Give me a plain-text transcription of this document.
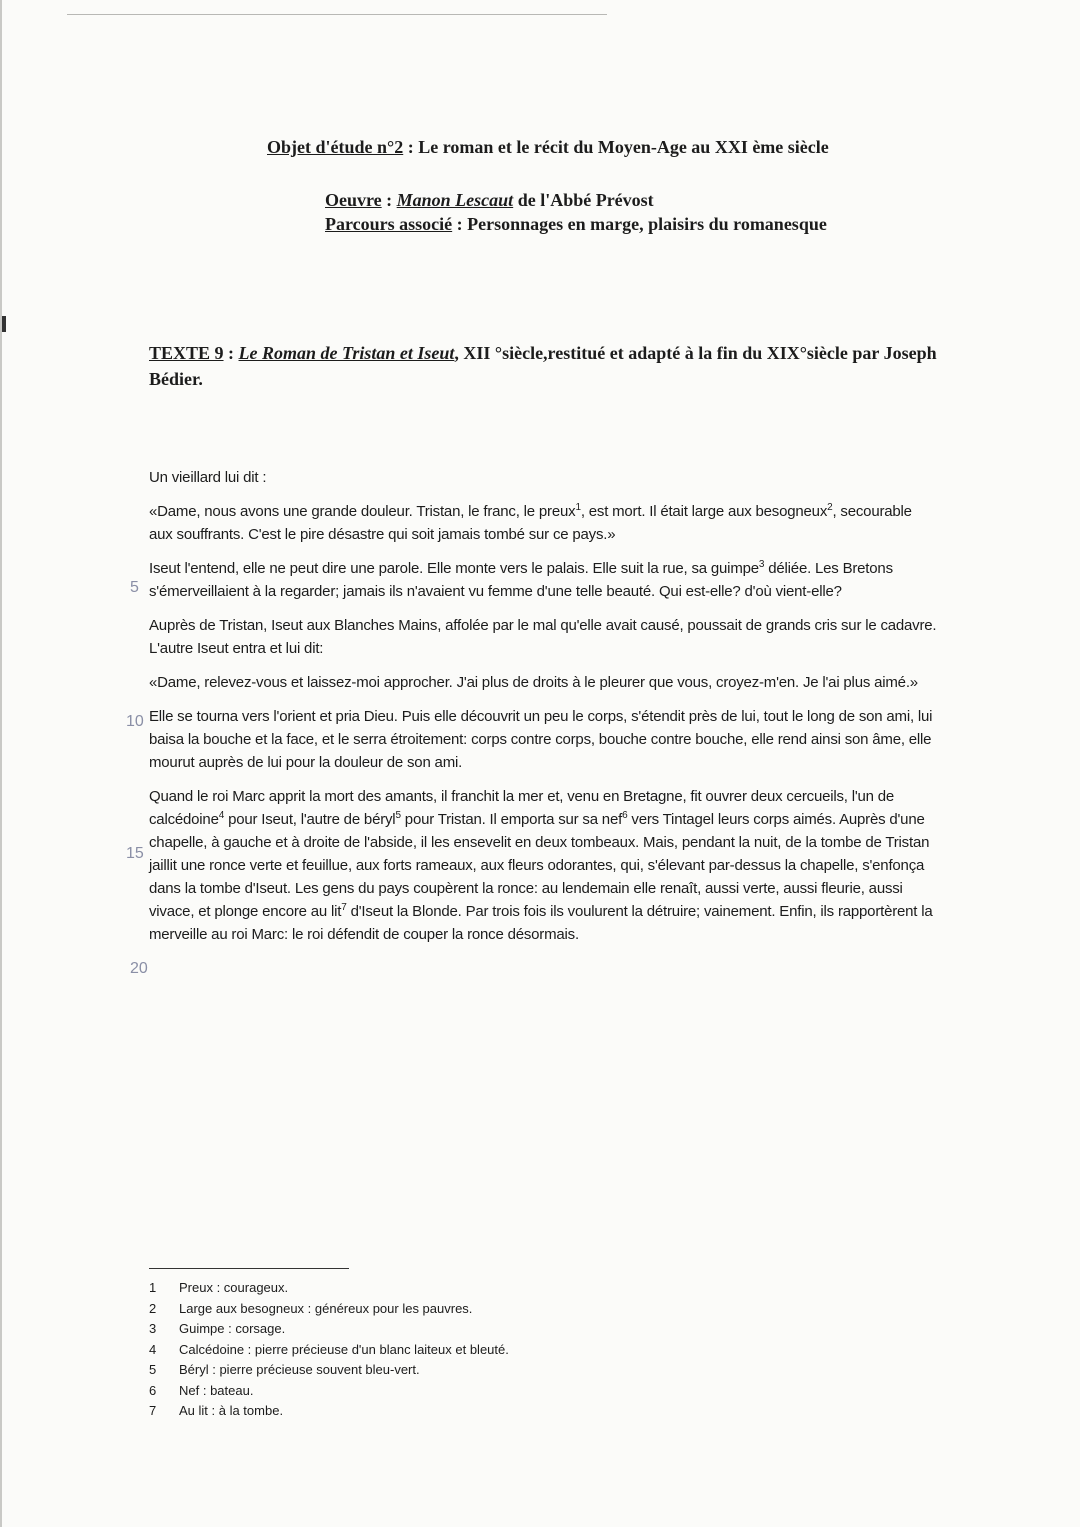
Objet d'étude n°2 : Le roman et le récit du Moyen-Age au XXI ème siècle
Oeuvre : Manon Lescaut de l'Abbé Prévost
Parcours associé : Personnages en marge, plaisirs du romanesque
TEXTE 9 : Le Roman de Tristan et Iseut, XII °siècle,restitué et adapté à la fin du XIX°siècle par Joseph Bédier.

Un vieillard lui dit :

«Dame, nous avons une grande douleur. Tristan, le franc, le preux$^1$, est mort. Il était large aux besogneux$^2$, secourable aux souffrants. C'est le pire désastre qui soit jamais tombé sur ce pays.»

Iseut l'entend, elle ne peut dire une parole. Elle monte vers le palais. Elle suit la rue, sa guimpe$^3$ déliée. Les Bretons s'émerveillaient à la regarder; jamais ils n'avaient vu femme d'une telle beauté. Qui est-elle? d'où vient-elle?

Auprès de Tristan, Iseut aux Blanches Mains, affolée par le mal qu'elle avait causé, poussait de grands cris sur le cadavre. L'autre Iseut entra et lui dit:

«Dame, relevez-vous et laissez-moi approcher. J'ai plus de droits à le pleurer que vous, croyez-m'en. Je l'ai plus aimé.»

Elle se tourna vers l'orient et pria Dieu. Puis elle découvrit un peu le corps, s'étendit près de lui, tout le long de son ami, lui baisa la bouche et la face, et le serra étroitement: corps contre corps, bouche contre bouche, elle rend ainsi son âme, elle mourut auprès de lui pour la douleur de son ami.

Quand le roi Marc apprit la mort des amants, il franchit la mer et, venu en Bretagne, fit ouvrer deux cercueils, l'un de calcédoine$^4$ pour Iseut, l'autre de béryl$^5$ pour Tristan. Il emporta sur sa nef$^6$ vers Tintagel leurs corps aimés. Auprès d'une chapelle, à gauche et à droite de l'abside, il les ensevelit en deux tombeaux. Mais, pendant la nuit, de la tombe de Tristan jaillit une ronce verte et feuillue, aux forts rameaux, aux fleurs odorantes, qui, s'élevant par-dessus la chapelle, s'enfonça dans la tombe d'Iseut. Les gens du pays coupèrent la ronce: au lendemain elle renaît, aussi verte, aussi fleurie, aussi vivace, et plonge encore au lit$^7$ d'Iseut la Blonde. Par trois fois ils voulurent la détruire; vainement. Enfin, ils rapportèrent la merveille au roi Marc: le roi défendit de couper la ronce désormais.

5
10
15
20
1	Preux : courageux.
2	Large aux besogneux : généreux pour les pauvres.
3	Guimpe : corsage.
4	Calcédoine : pierre précieuse d'un blanc laiteux et bleuté.
5	Béryl : pierre précieuse souvent bleu-vert.
6	Nef : bateau.
7	Au lit : à la tombe.
